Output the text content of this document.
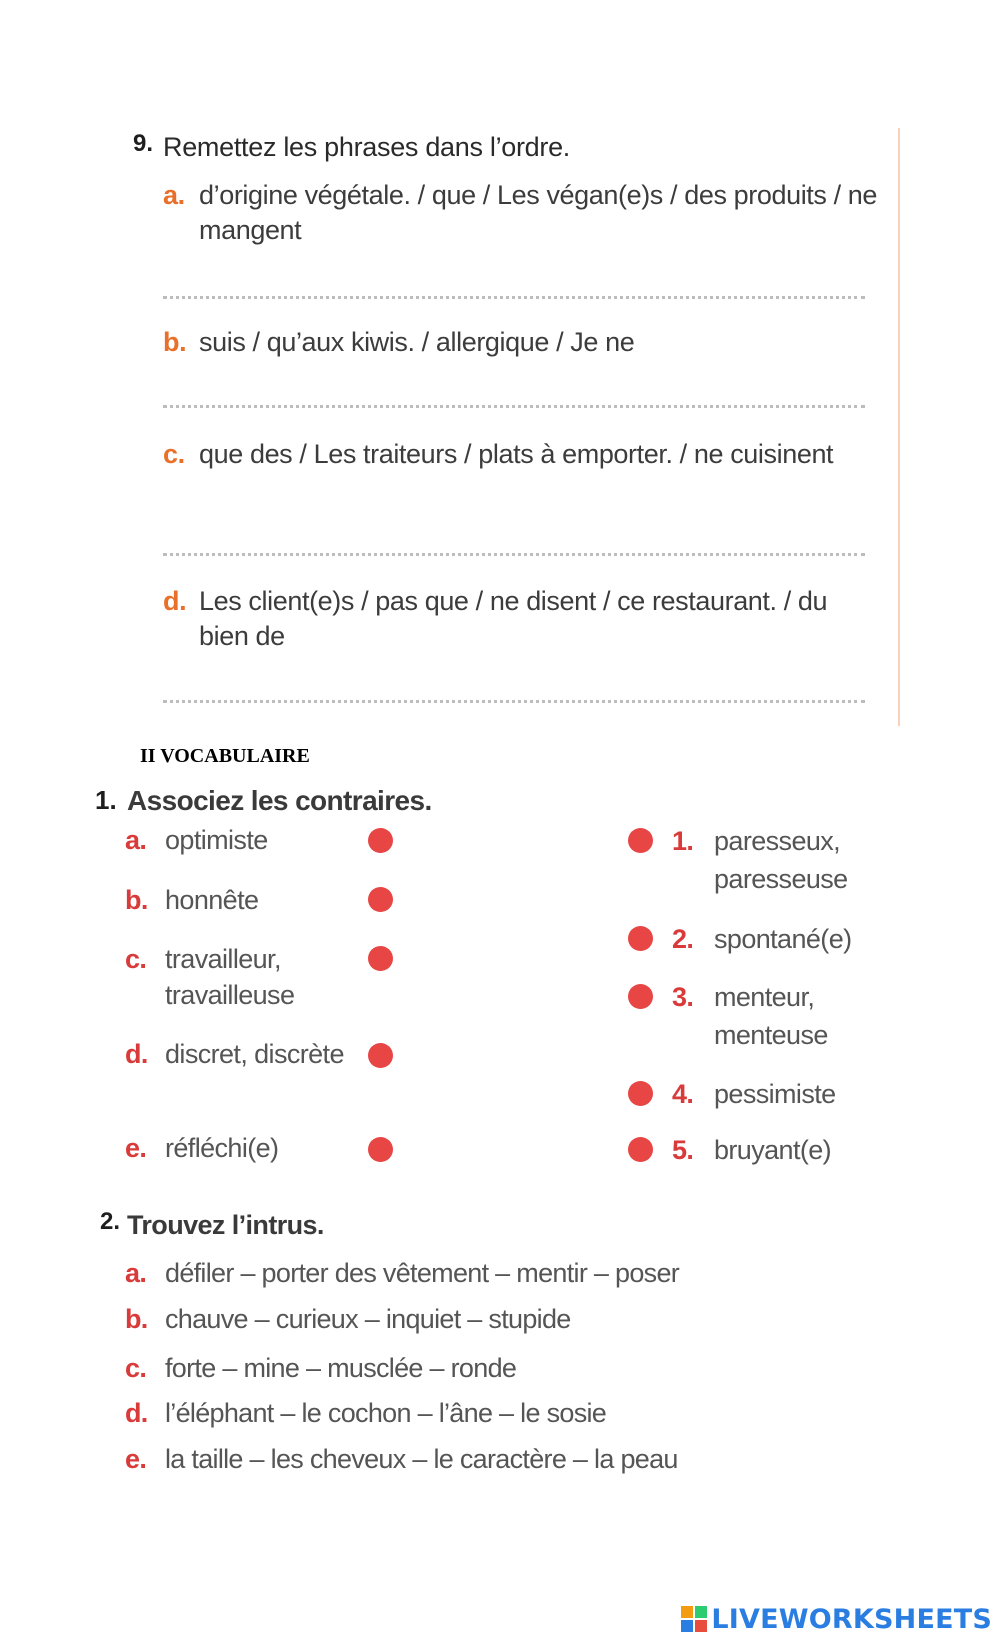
9. Remettez les phrases dans l’ordre.
a. d’origine végétale. / que / Les végan(e)s / des produits / ne mangent
b. suis / qu’aux kiwis. / allergique / Je ne
c. que des / Les traiteurs / plats à emporter. / ne cuisinent
d. Les client(e)s / pas que / ne disent / ce restaurant. / du bien de
II VOCABULAIRE
1. Associez les contraires.
a. optimiste
b. honnête
c. travailleur, travailleuse
d. discret, discrète
e. réfléchi(e)
1. paresseux, paresseuse
2. spontané(e)
3. menteur, menteuse
4. pessimiste
5. bruyant(e)
2. Trouvez l’intrus.
a. défiler – porter des vêtement – mentir – poser
b. chauve – curieux – inquiet – stupide
c. forte – mine – musclée – ronde
d. l’éléphant – le cochon – l’âne – le sosie
e. la taille – les cheveux – le caractère – la peau
LIVEWORKSHEETS
